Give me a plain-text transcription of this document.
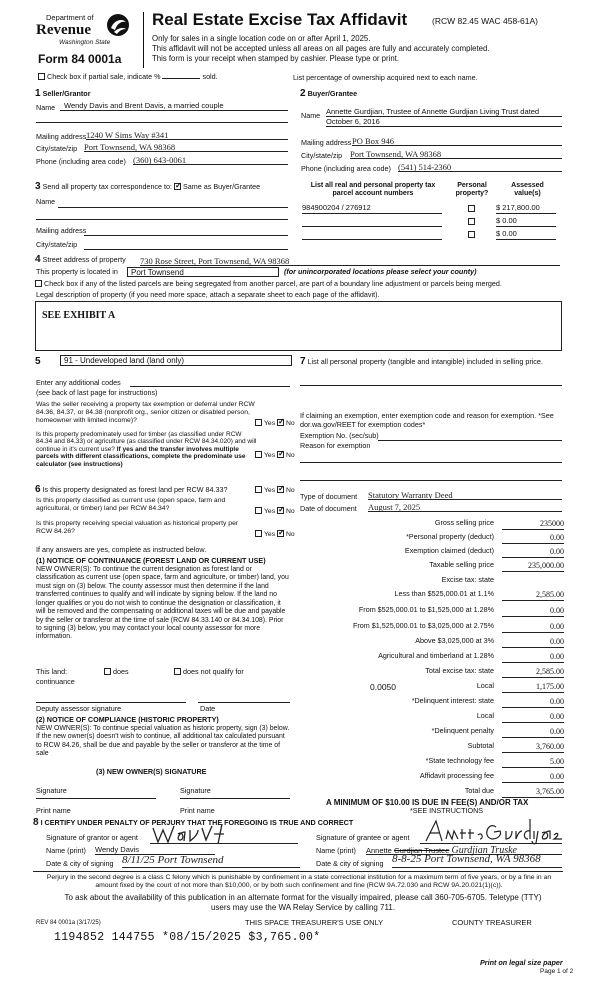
Department of
Revenue
Washington State
Form 84 0001a
Real Estate Excise Tax Affidavit	(RCW 82.45 WAC 458-61A)
Only for sales in a single location code on or after April 1, 2025.
This affidavit will not be accepted unless all areas on all pages are fully and accurately completed.
This form is your receipt when stamped by cashier. Please type or print.
Check box if partial sale, indicate %	sold.	List percentage of ownership acquired next to each name.
1 Seller/Grantor
Name	Wendy Davis and Brent Davis, a married couple
Mailing address 1240 W Sims Way #341
City/state/zip Port Townsend, WA 98368
Phone (including area code) (360) 643-0061
2 Buyer/Grantee
Name Annette Gurdjian, Trustee of Annette Gurdjian Living Trust dated
October 6, 2016
Mailing address PO Box 946
City/state/zip Port Townsend, WA 98368
Phone (including area code) (541) 514-2360
3 Send all property tax correspondence to: ✓ Same as Buyer/Grantee
Name
Mailing address
City/state/zip
List all real and personal property tax
parcel account numbers
Personal
property?
Assessed
value(s)
984900204 / 276912	$ 217,800.00
$ 0.00
$ 0.00
4 Street address of property 730 Rose Street, Port Townsend, WA 98368
This property is located in	Port Townsend	(for unincorporated locations please select your county)
Check box if any of the listed parcels are being segregated from another parcel, are part of a boundary line adjustment or parcels being merged.
Legal description of property (if you need more space, attach a separate sheet to each page of the affidavit).
SEE EXHIBIT A
5	91 - Undeveloped land (land only)
Enter any additional codes
(see back of last page for instructions)
Was the seller receiving a property tax exemption or deferral under RCW 84.36, 84.37, or 84.38 (nonprofit org., senior citizen or disabled person, homeowner with limited income)?	Yes ✓ No
Is this property predominately used for timber (as classified under RCW 84.34 and 84.33) or agriculture (as classified under RCW 84.34.020) and will continue in it's current use? If yes and the transfer involves multiple parcels with different classifications, complete the predominate use calculator (see instructions)
Yes ✓ No
6 Is this property designated as forest land per RCW 84.33?	Yes ✓ No
Is this property classified as current use (open space, farm and agricultural, or timber) land per RCW 84.34?	Yes ✓ No
Is this property receiving special valuation as historical property per RCW 84.26?	Yes ✓ No
If any answers are yes, complete as instructed below.
(1) NOTICE OF CONTINUANCE (FOREST LAND OR CURRENT USE)
NEW OWNER(S): To continue the current designation as forest land or classification as current use (open space, farm and agriculture, or timber) land, you must sign on (3) below. The county assessor must then determine if the land transferred continues to qualify and will indicate by signing below. If the land no longer qualifies or you do not wish to continue the designation or classification, it will be removed and the compensating or additional taxes will be due and payable by the seller or transferor at the time of sale (RCW 84.33.140 or 84.34.108). Prior to signing (3) below, you may contact your local county assessor for more information.
This land:	does	does not qualify for
continuance
Deputy assessor signature	Date
(2) NOTICE OF COMPLIANCE (HISTORIC PROPERTY)
NEW OWNER(S): To continue special valuation as historic property, sign (3) below. If the new owner(s) doesn't wish to continue, all additional tax calculated pursuant to RCW 84.26, shall be due and payable by the seller or transferor at the time of sale
(3) NEW OWNER(S) SIGNATURE
Signature	Signature
Print name	Print name
7 List all personal property (tangible and intangible) included in selling price.
If claiming an exemption, enter exemption code and reason for exemption. *See dor.wa.gov/REET for exemption codes*
Exemption No. (sec/sub)
Reason for exemption
Type of document Statutory Warranty Deed
Date of document August 7, 2025
Gross selling price	235000
*Personal property (deduct)	0.00
Exemption claimed (deduct)	0.00
Taxable selling price	235,000.00
Excise tax: state
Less than $525,000.01 at 1.1%	2,585.00
From $525,000.01 to $1,525,000 at 1.28%	0.00
From $1,525,000.01 to $3,025,000 at 2.75%	0.00
Above $3,025,000 at 3%	0.00
Agricultural and timberland at 1.28%	0.00
Total excise tax: state	2,585.00
0.0050	Local	1,175.00
*Delinquent interest: state	0.00
Local	0.00
*Delinquent penalty	0.00
Subtotal	3,760.00
*State technology fee	5.00
Affidavit processing fee	0.00
Total due	3,765.00
A MINIMUM OF $10.00 IS DUE IN FEE(S) AND/OR TAX
*SEE INSTRUCTIONS
8 I CERTIFY UNDER PENALTY OF PERJURY THAT THE FOREGOING IS TRUE AND CORRECT
Signature of grantor or agent
Name (print) Wendy Davis
Date & city of signing 8/11/25 Port Townsend
Signature of grantee or agent
Name (print) Annette Gurdjian Trustee Gurdjian Truske
Date & city of signing 8-8-25 Port Townsend, WA 98368
Perjury in the second degree is a class C felony which is punishable by confinement in a state correctional institution for a maximum term of five years, or by a fine in an amount fixed by the court of not more than $10,000, or by both such confinement and fine (RCW 9A.72.030 and RCW 9A.20.021(1)(c)).
To ask about the availability of this publication in an alternate format for the visually impaired, please call 360-705-6705. Teletype (TTY) users may use the WA Relay Service by calling 711.
REV 84 0001a (3/17/25)	THIS SPACE TREASURER'S USE ONLY	COUNTY TREASURER
1194852 144755 *08/15/2025 $3,765.00*
Print on legal size paper
Page 1 of 2
